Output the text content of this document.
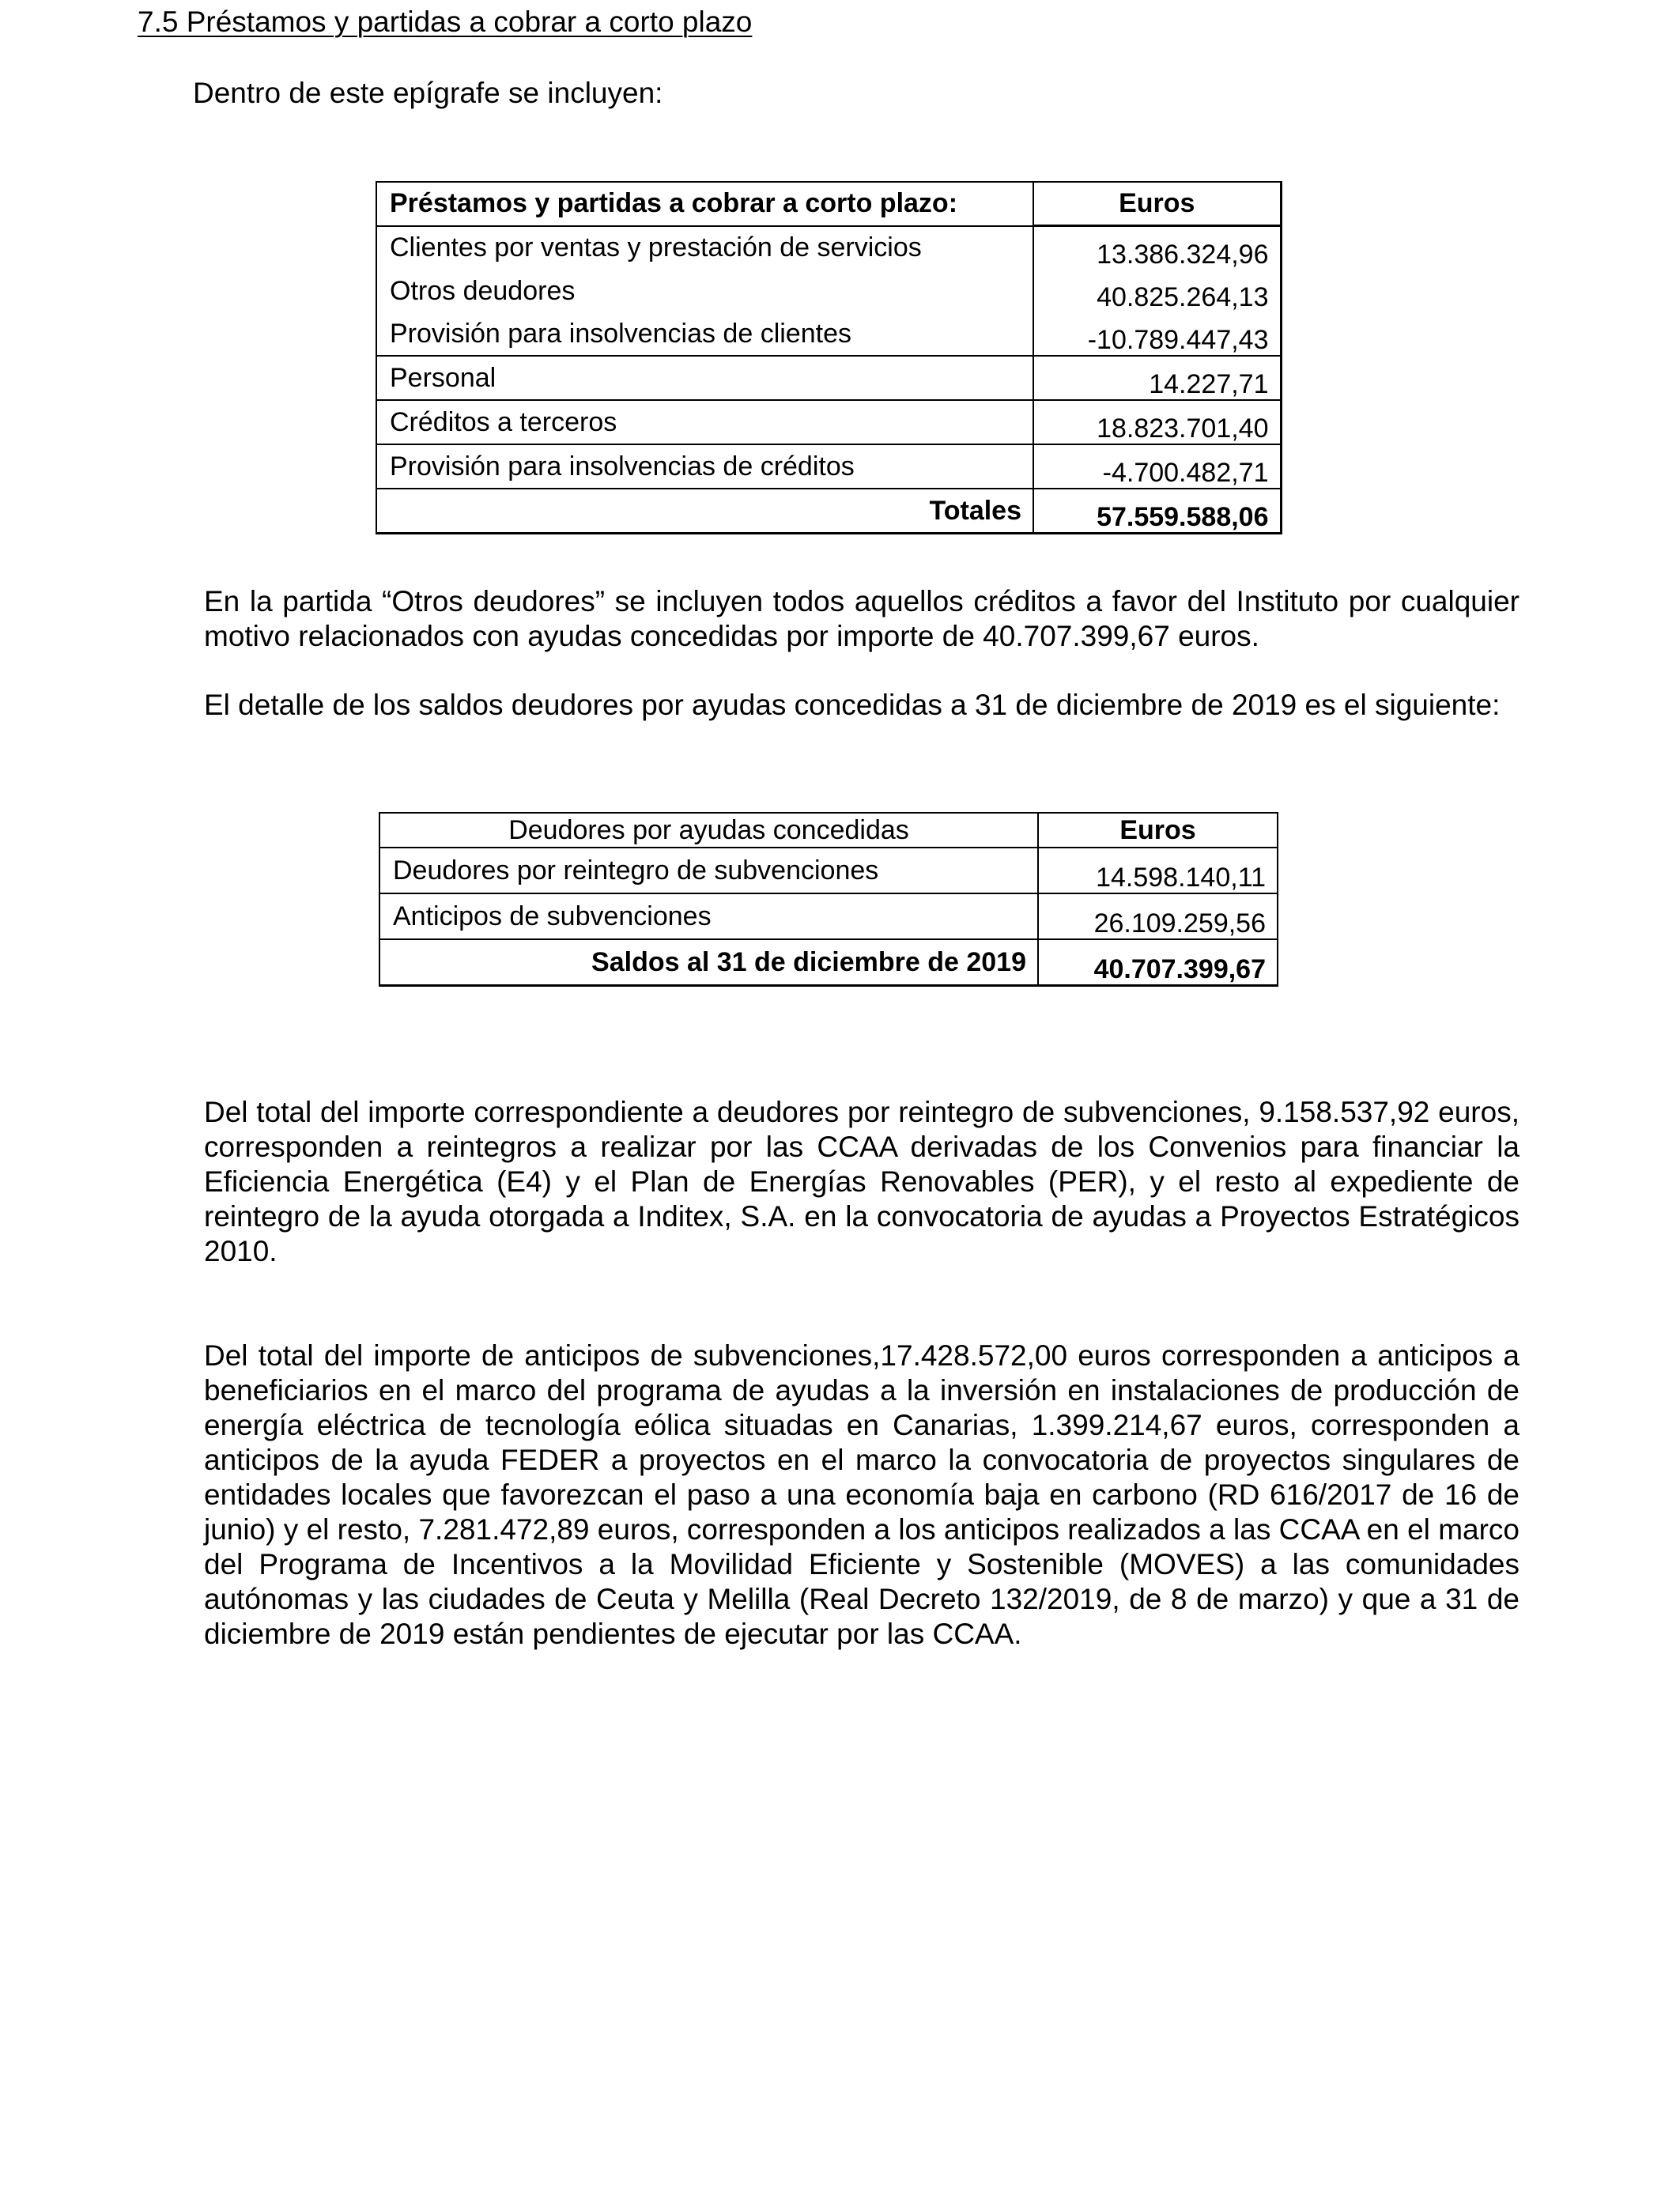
7.5 Préstamos y partidas a cobrar a corto plazo
Dentro de este epígrafe se incluyen:
Préstamos y partidas a cobrar a corto plazo:	Euros
Clientes por ventas y prestación de servicios	13.386.324,96
Otros deudores	40.825.264,13
Provisión para insolvencias de clientes	-10.789.447,43
Personal	14.227,71
Créditos a terceros	18.823.701,40
Provisión para insolvencias de créditos	-4.700.482,71
Totales	57.559.588,06
En la partida “Otros deudores” se incluyen todos aquellos créditos a favor del Instituto por cualquier motivo relacionados con ayudas concedidas por importe de 40.707.399,67 euros.
El detalle de los saldos deudores por ayudas concedidas a 31 de diciembre de 2019 es el siguiente:
Deudores por ayudas concedidas	Euros
Deudores por reintegro de subvenciones	14.598.140,11
Anticipos de subvenciones	26.109.259,56
Saldos al 31 de diciembre de 2019	40.707.399,67
Del total del importe correspondiente a deudores por reintegro de subvenciones, 9.158.537,92 euros, corresponden a reintegros a realizar por las CCAA derivadas de los Convenios para financiar la Eficiencia Energética (E4) y el Plan de Energías Renovables (PER), y el resto al expediente de reintegro de la ayuda otorgada a Inditex, S.A. en la convocatoria de ayudas a Proyectos Estratégicos 2010.
Del total del importe de anticipos de subvenciones,17.428.572,00 euros corresponden a anticipos a beneficiarios en el marco del programa de ayudas a la inversión en instalaciones de producción de energía eléctrica de tecnología eólica situadas en Canarias, 1.399.214,67 euros, corresponden a anticipos de la ayuda FEDER a proyectos en el marco la convocatoria de proyectos singulares de entidades locales que favorezcan el paso a una economía baja en carbono (RD 616/2017 de 16 de junio) y el resto, 7.281.472,89 euros, corresponden a los anticipos realizados a las CCAA en el marco del Programa de Incentivos a la Movilidad Eficiente y Sostenible (MOVES) a las comunidades autónomas y las ciudades de Ceuta y Melilla (Real Decreto 132/2019, de 8 de marzo) y que a 31 de diciembre de 2019 están pendientes de ejecutar por las CCAA.
